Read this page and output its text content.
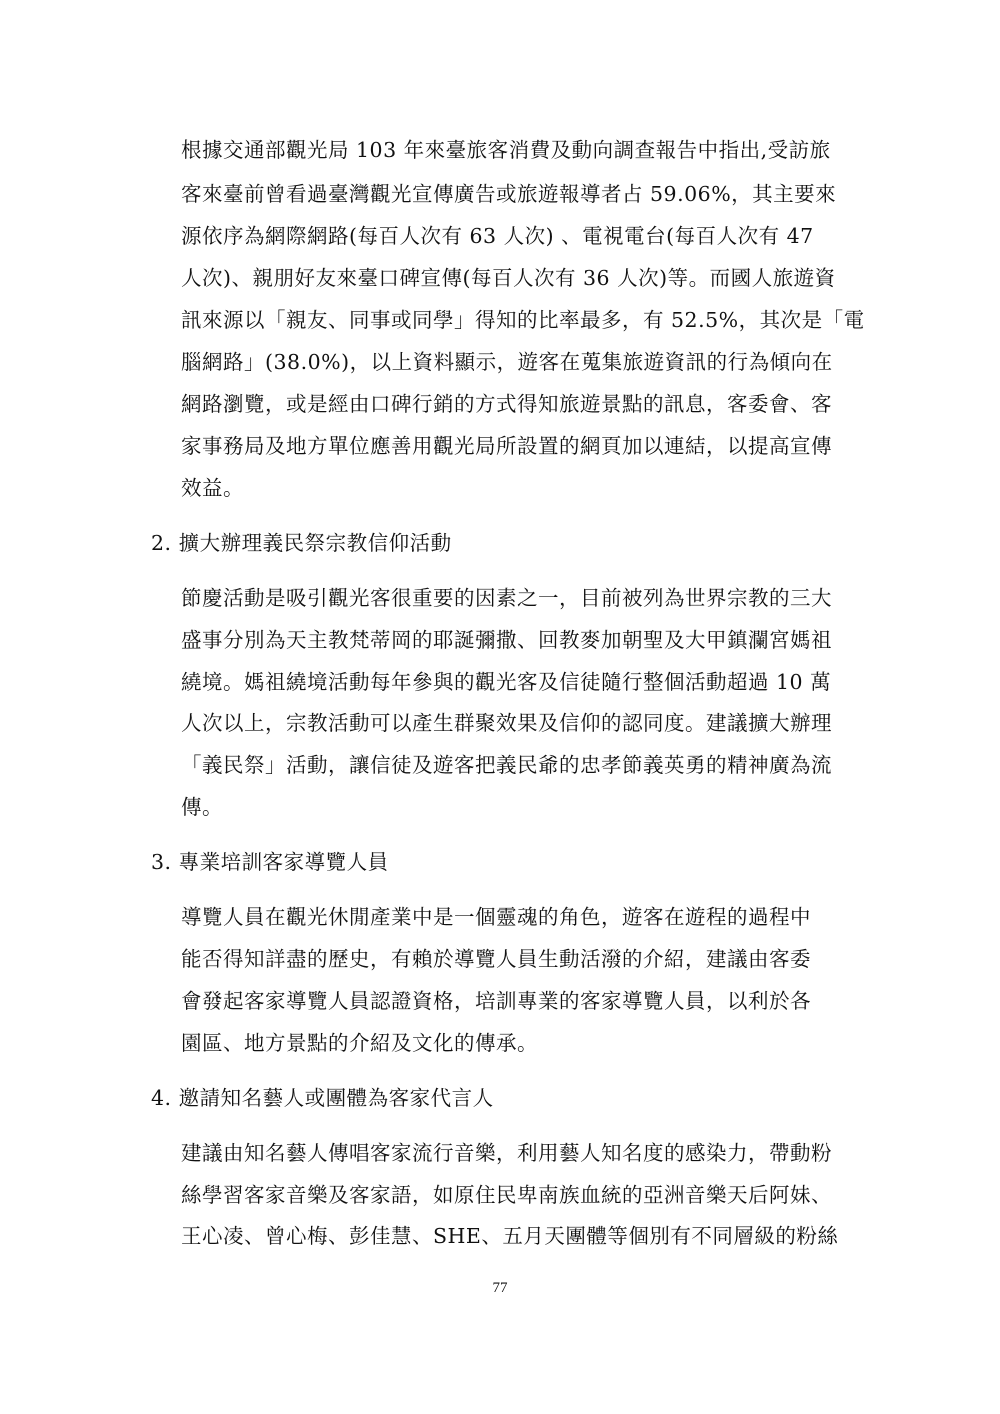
根據交通部觀光局 103 年來臺旅客消費及動向調查報告中指出,受訪旅
客來臺前曾看過臺灣觀光宣傳廣告或旅遊報導者占 59.06%，其主要來
源依序為網際網路(每百人次有 63 人次) 、電視電台(每百人次有 47
人次)、親朋好友來臺口碑宣傳(每百人次有 36 人次)等。而國人旅遊資
訊來源以「親友、同事或同學」得知的比率最多，有 52.5%，其次是「電
腦網路」(38.0%)，以上資料顯示，遊客在蒐集旅遊資訊的行為傾向在
網路瀏覽，或是經由口碑行銷的方式得知旅遊景點的訊息，客委會、客
家事務局及地方單位應善用觀光局所設置的網頁加以連結，以提高宣傳
效益。
2. 擴大辦理義民祭宗教信仰活動
節慶活動是吸引觀光客很重要的因素之一，目前被列為世界宗教的三大
盛事分別為天主教梵蒂岡的耶誕彌撒、回教麥加朝聖及大甲鎮瀾宮媽祖
繞境。媽祖繞境活動每年參與的觀光客及信徒隨行整個活動超過 10 萬
人次以上，宗教活動可以產生群聚效果及信仰的認同度。建議擴大辦理
「義民祭」活動，讓信徒及遊客把義民爺的忠孝節義英勇的精神廣為流
傳。
3. 專業培訓客家導覽人員
導覽人員在觀光休閒產業中是一個靈魂的角色，遊客在遊程的過程中
能否得知詳盡的歷史，有賴於導覽人員生動活潑的介紹，建議由客委
會發起客家導覽人員認證資格，培訓專業的客家導覽人員，以利於各
園區、地方景點的介紹及文化的傳承。
4. 邀請知名藝人或團體為客家代言人
建議由知名藝人傳唱客家流行音樂，利用藝人知名度的感染力，帶動粉
絲學習客家音樂及客家語，如原住民卑南族血統的亞洲音樂天后阿妹、
王心凌、曾心梅、彭佳慧、SHE、五月天團體等個別有不同層級的粉絲
77
